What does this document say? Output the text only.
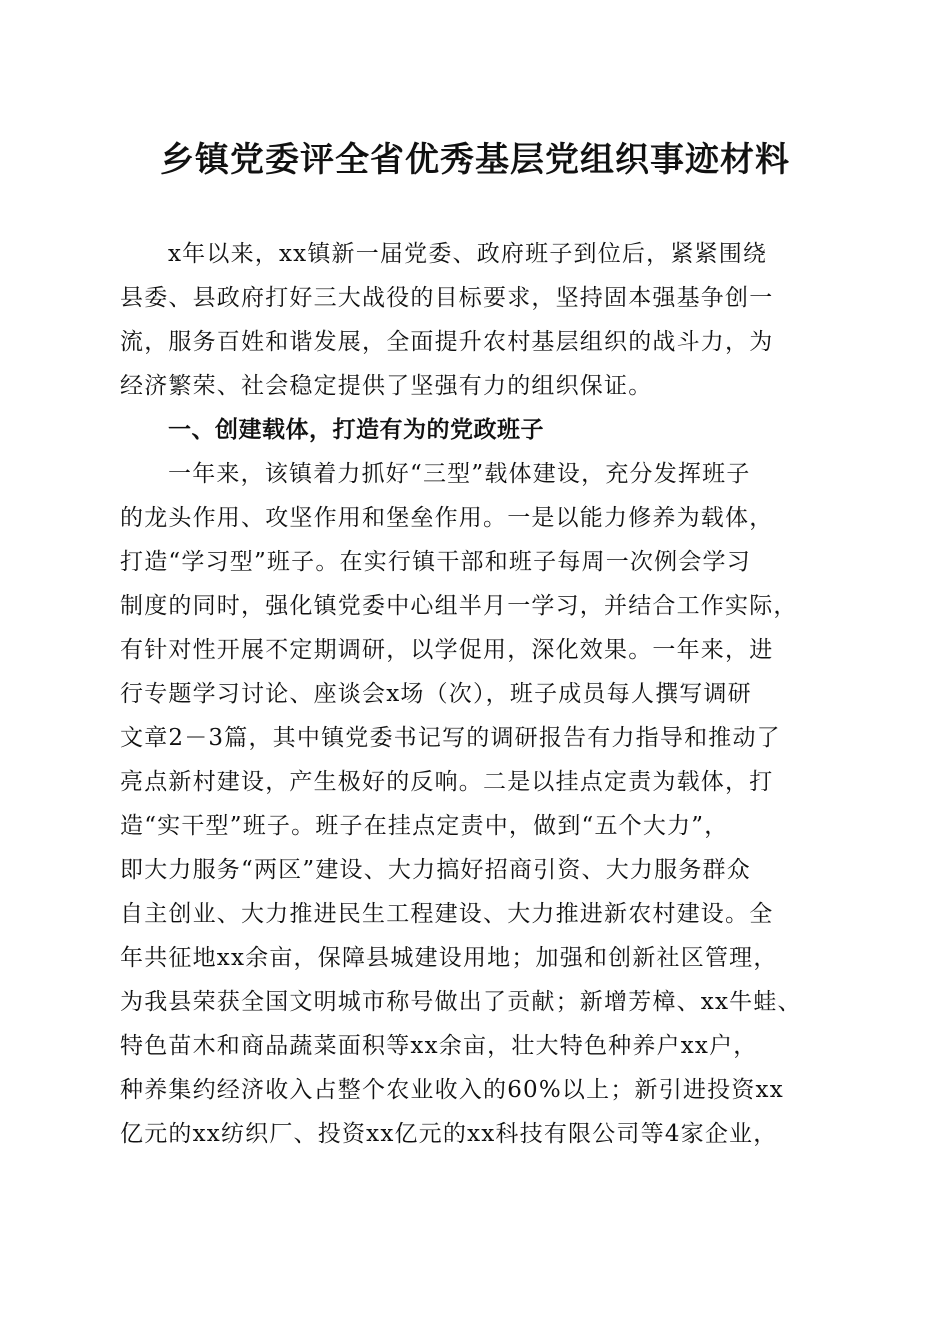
乡镇党委评全省优秀基层党组织事迹材料
x年以来，xx镇新一届党委、政府班子到位后，紧紧围绕
县委、县政府打好三大战役的目标要求，坚持固本强基争创一
流，服务百姓和谐发展，全面提升农村基层组织的战斗力，为
经济繁荣、社会稳定提供了坚强有力的组织保证。
一、创建载体，打造有为的党政班子
一年来，该镇着力抓好“三型”载体建设，充分发挥班子
的龙头作用、攻坚作用和堡垒作用。一是以能力修养为载体，
打造“学习型”班子。在实行镇干部和班子每周一次例会学习
制度的同时，强化镇党委中心组半月一学习，并结合工作实际，
有针对性开展不定期调研，以学促用，深化效果。一年来，进
行专题学习讨论、座谈会x场（次），班子成员每人撰写调研
文章2－3篇，其中镇党委书记写的调研报告有力指导和推动了
亮点新村建设，产生极好的反响。二是以挂点定责为载体，打
造“实干型”班子。班子在挂点定责中，做到“五个大力”，
即大力服务“两区”建设、大力搞好招商引资、大力服务群众
自主创业、大力推进民生工程建设、大力推进新农村建设。全
年共征地xx余亩，保障县城建设用地；加强和创新社区管理，
为我县荣获全国文明城市称号做出了贡献；新增芳樟、xx牛蛙、
特色苗木和商品蔬菜面积等xx余亩，壮大特色种养户xx户，
种养集约经济收入占整个农业收入的60%以上；新引进投资xx
亿元的xx纺织厂、投资xx亿元的xx科技有限公司等4家企业，
